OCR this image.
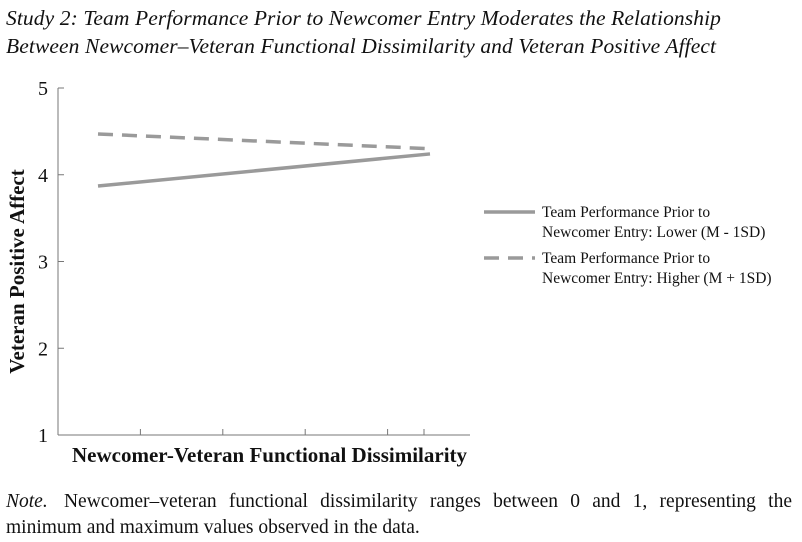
Study 2: Team Performance Prior to Newcomer Entry Moderates the Relationship
Between Newcomer–Veteran Functional Dissimilarity and Veteran Positive Affect
1
2
3
4
5
Veteran Positive Affect
Newcomer-Veteran Functional Dissimilarity
Team Performance Prior to
Newcomer Entry: Lower (M - 1SD)
Team Performance Prior to
Newcomer Entry: Higher (M + 1SD)
Note. Newcomer–veteran functional dissimilarity ranges between 0 and 1, representing the minimum and maximum values observed in the data.
